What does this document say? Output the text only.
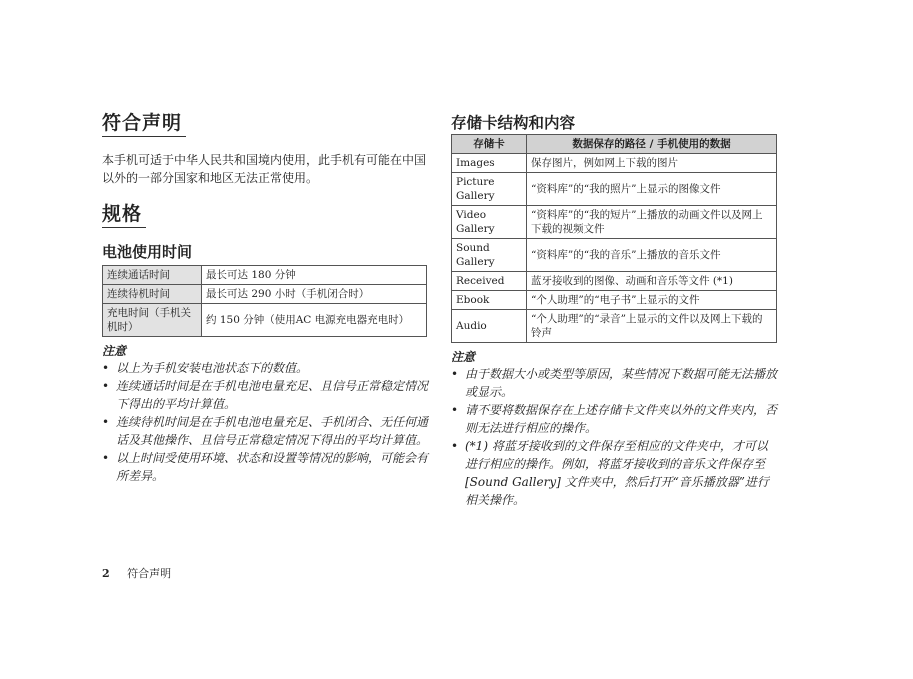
符合声明

本手机可适于中华人民共和国境内使用，此手机有可能在中国以外的一部分国家和地区无法正常使用。

规格
电池使用时间
连续通话时间	最长可达 180 分钟
连续待机时间	最长可达 290 小时（手机闭合时）
充电时间（手机关机时）	约 150 分钟（使用AC 电源充电器充电时）
注意
• 以上为手机安装电池状态下的数值。
• 连续通话时间是在手机电池电量充足、且信号正常稳定情况下得出的平均计算值。
• 连续待机时间是在手机电池电量充足、手机闭合、无任何通话及其他操作、且信号正常稳定情况下得出的平均计算值。
• 以上时间受使用环境、状态和设置等情况的影响，可能会有所差异。
存储卡结构和内容
存储卡	数据保存的路径 / 手机使用的数据
Images	保存图片，例如网上下载的图片
Picture Gallery	“资料库”的“我的照片”上显示的图像文件
Video Gallery	“资料库”的“我的短片”上播放的动画文件以及网上下载的视频文件
Sound Gallery	“资料库”的“我的音乐”上播放的音乐文件
Received	蓝牙接收到的图像、动画和音乐等文件 (*1)
Ebook	“个人助理”的“电子书”上显示的文件
Audio	“个人助理”的“录音”上显示的文件以及网上下载的铃声
注意
• 由于数据大小或类型等原因，某些情况下数据可能无法播放或显示。
• 请不要将数据保存在上述存储卡文件夹以外的文件夹内，否则无法进行相应的操作。
• (*1) 将蓝牙接收到的文件保存至相应的文件夹中，才可以进行相应的操作。例如，将蓝牙接收到的音乐文件保存至[Sound Gallery] 文件夹中，然后打开“音乐播放器”进行相关操作。
2 符合声明
